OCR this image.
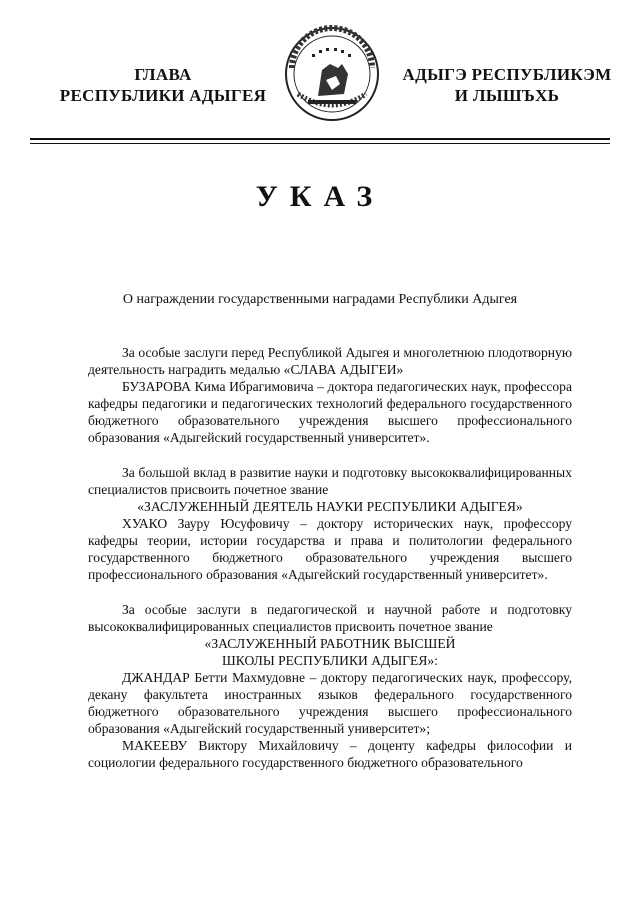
ГЛАВА
РЕСПУБЛИКИ АДЫГЕЯ
АДЫГЭ РЕСПУБЛИКЭМ
И ЛЫШЪХЬ
УКАЗ
О награждении государственными наградами Республики Адыгея

За особые заслуги перед Республикой Адыгея и многолетнюю плодотворную деятельность наградить медалью «СЛАВА АДЫГЕИ»

БУЗАРОВА Кима Ибрагимовича – доктора педагогических наук, профессора кафедры педагогики и педагогических технологий федерального государственного бюджетного образовательного учреждения высшего профессионального образования «Адыгейский государственный университет».

За большой вклад в развитие науки и подготовку высококвалифицированных специалистов присвоить почетное звание

«ЗАСЛУЖЕННЫЙ ДЕЯТЕЛЬ НАУКИ РЕСПУБЛИКИ АДЫГЕЯ»

ХУАКО Зауру Юсуфовичу – доктору исторических наук, профессору кафедры теории, истории государства и права и политологии федерального государственного бюджетного образовательного учреждения высшего профессионального образования «Адыгейский государственный университет».

За особые заслуги в педагогической и научной работе и подготовку высококвалифицированных специалистов присвоить почетное звание

«ЗАСЛУЖЕННЫЙ РАБОТНИК ВЫСШЕЙ ШКОЛЫ РЕСПУБЛИКИ АДЫГЕЯ»:

ДЖАНДАР Бетти Махмудовне – доктору педагогических наук, профессору, декану факультета иностранных языков федерального государственного бюджетного образовательного учреждения высшего профессионального образования «Адыгейский государственный университет»;

МАКЕЕВУ Виктору Михайловичу – доценту кафедры философии и социологии федерального государственного бюджетного образовательного
